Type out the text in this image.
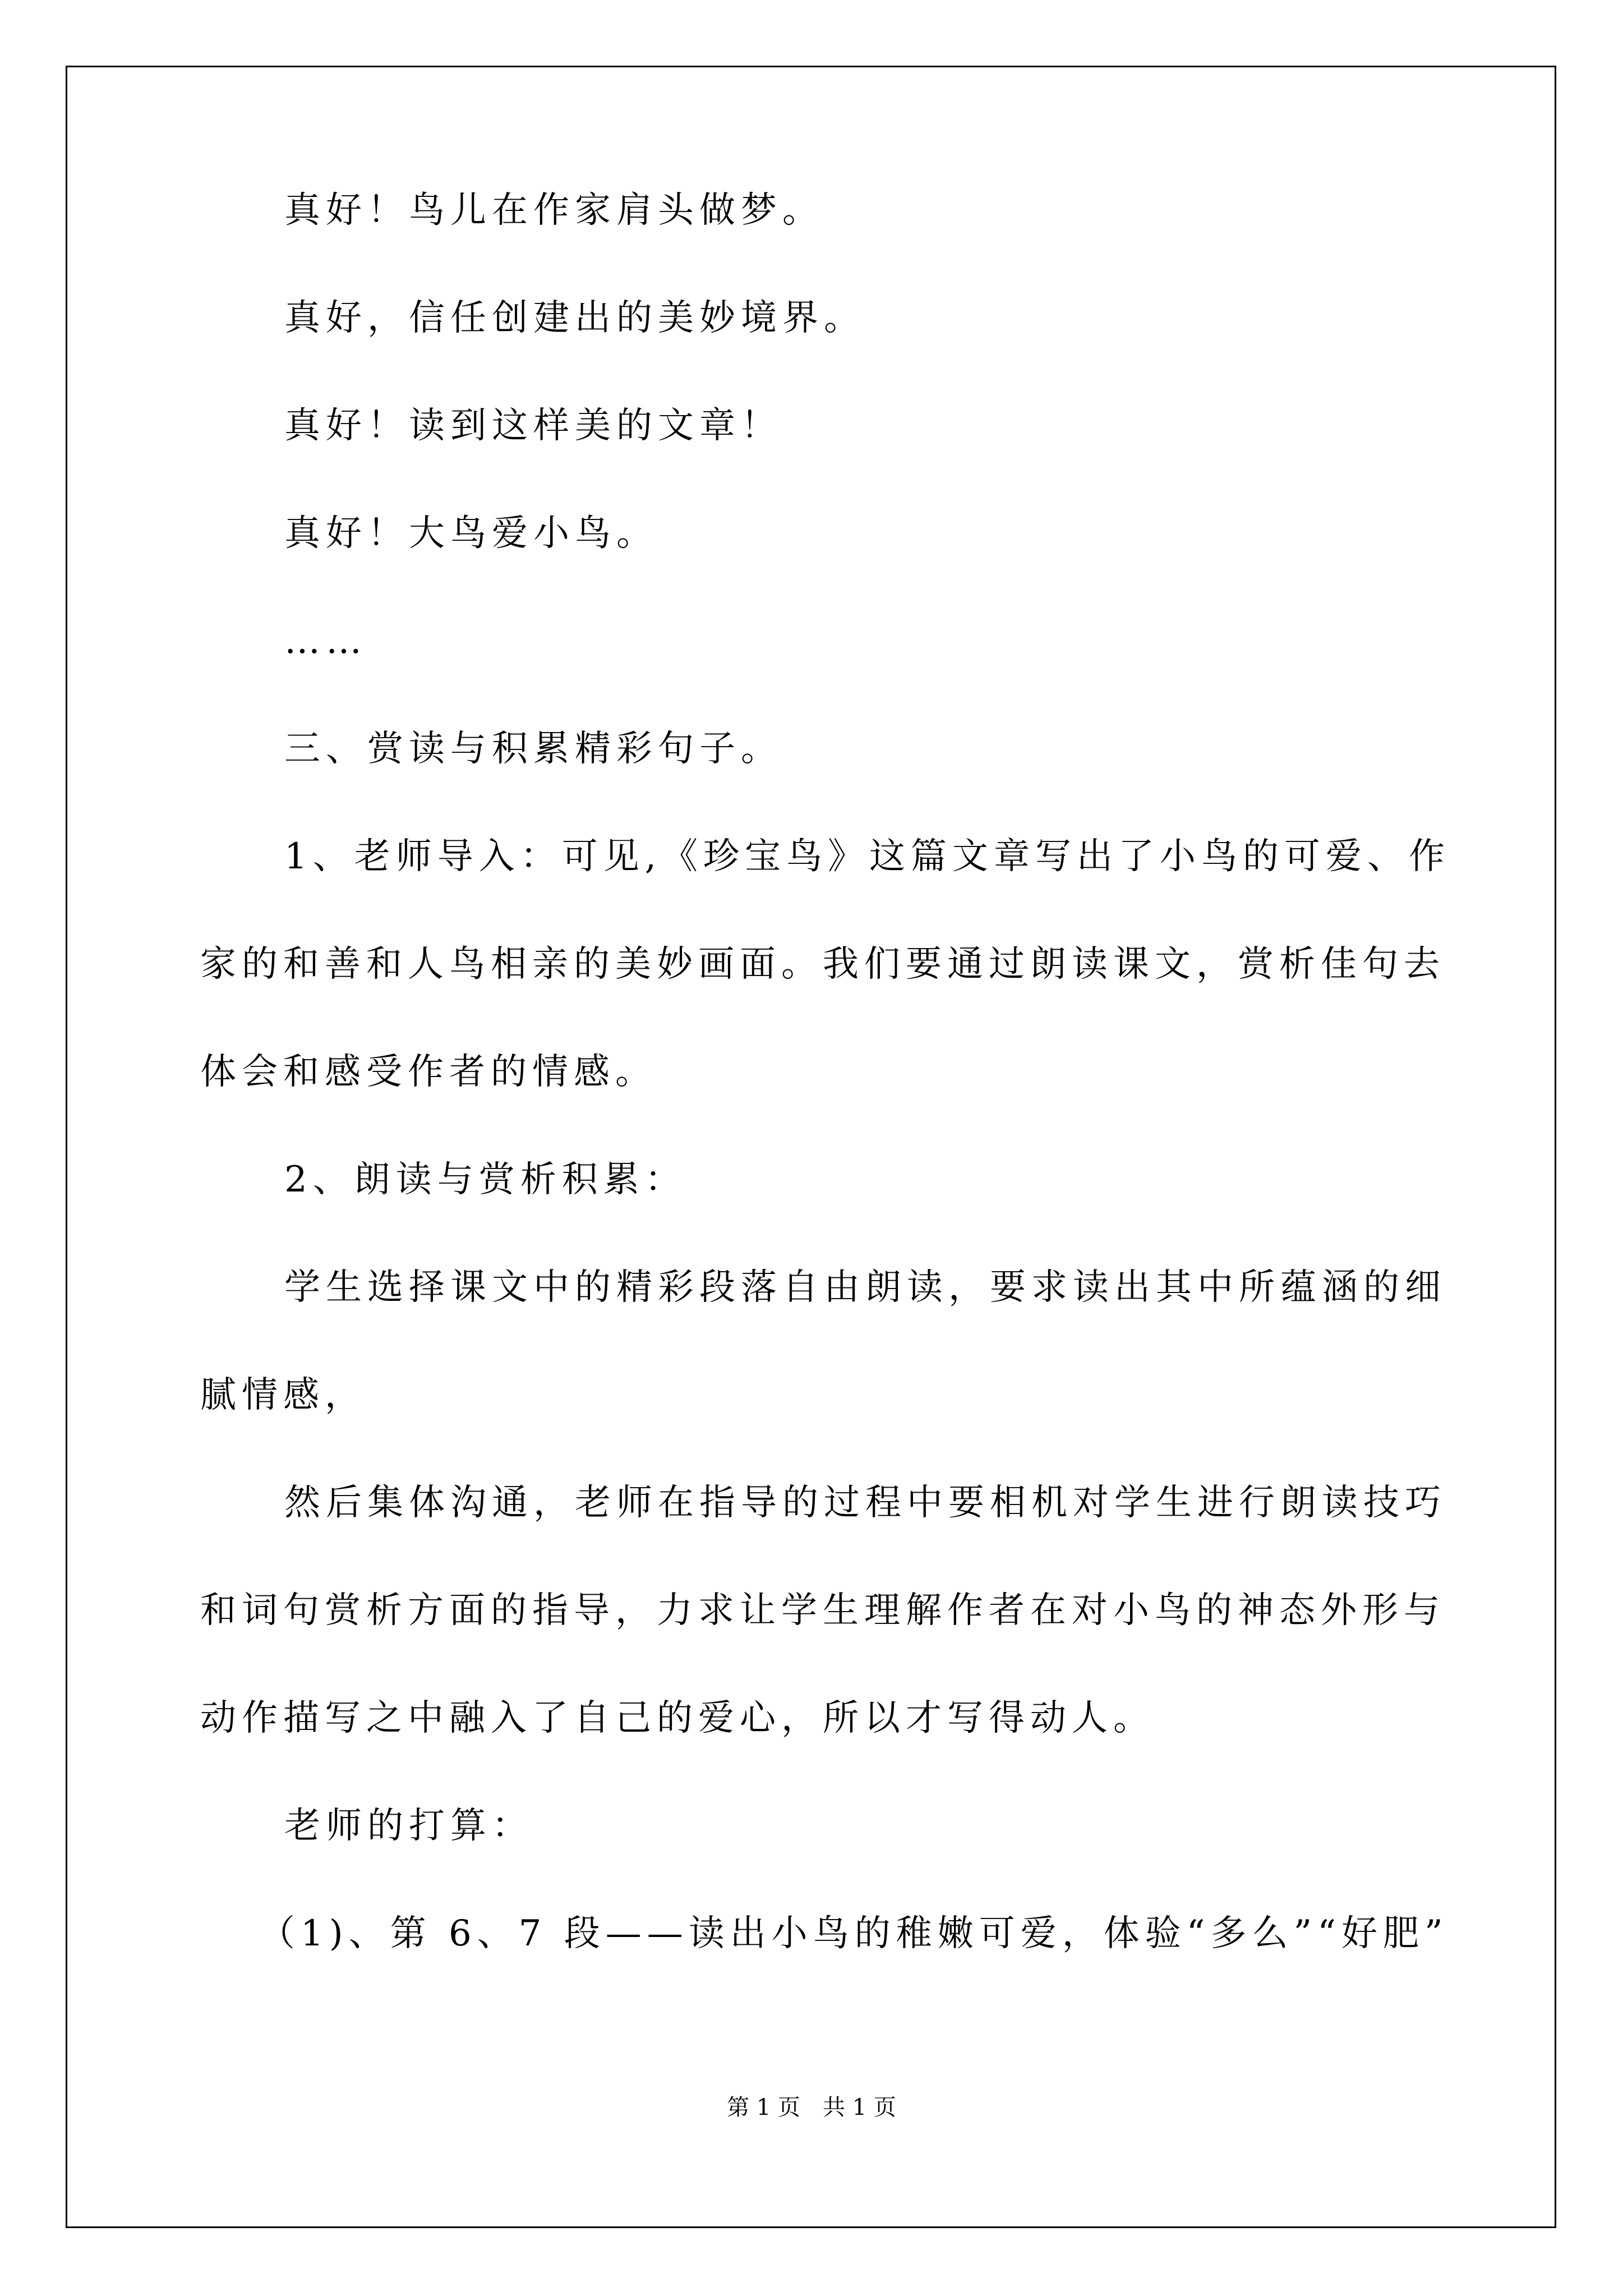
真好！鸟儿在作家肩头做梦。
真好，信任创建出的美妙境界。
真好！读到这样美的文章！
真好！大鸟爱小鸟。
……
三、赏读与积累精彩句子。
1、老师导入：可见,《珍宝鸟》这篇文章写出了小鸟的可爱、作
家的和善和人鸟相亲的美妙画面。我们要通过朗读课文，赏析佳句去
体会和感受作者的情感。
2、朗读与赏析积累：
学生选择课文中的精彩段落自由朗读，要求读出其中所蕴涵的细
腻情感，
然后集体沟通，老师在指导的过程中要相机对学生进行朗读技巧
和词句赏析方面的指导，力求让学生理解作者在对小鸟的神态外形与
动作描写之中融入了自己的爱心，所以才写得动人。
老师的打算：
（1)、第 6、7 段——读出小鸟的稚嫩可爱，体验“多么”“好肥”
第 1 页　共 1 页
